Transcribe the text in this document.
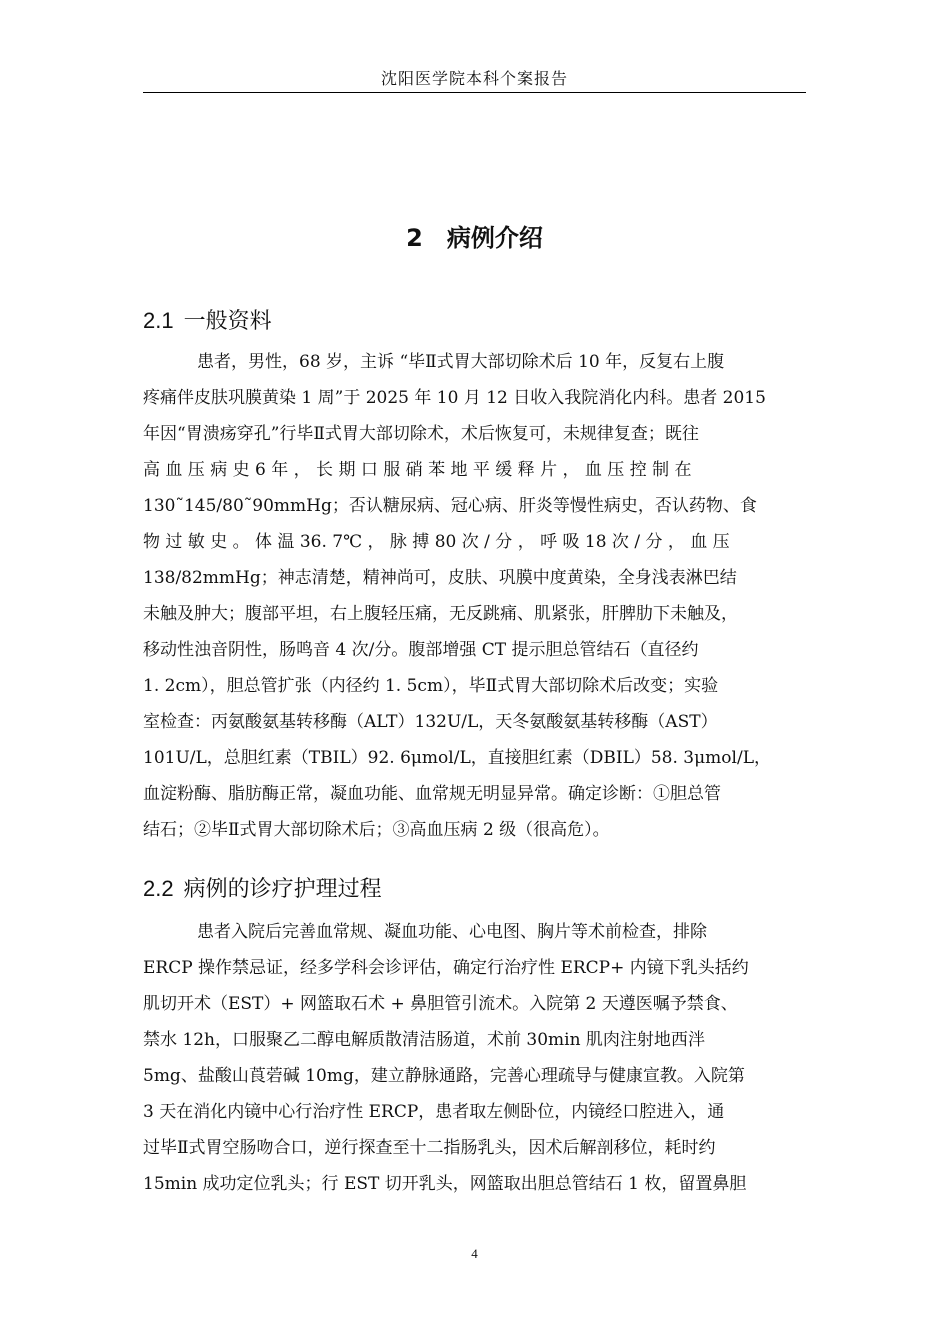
沈阳医学院本科个案报告
2　病例介绍
2.1 一般资料
患者，男性，68 岁，主诉 “毕Ⅱ式胃大部切除术后 10 年，反复右上腹
疼痛伴皮肤巩膜黄染 1 周”于 2025 年 10 月 12 日收入我院消化内科。患者 2015
年因“胃溃疡穿孔”行毕Ⅱ式胃大部切除术，术后恢复可，未规律复查；既往
高 血 压 病 史 6 年 ， 长 期 口 服 硝 苯 地 平 缓 释 片 ， 血 压 控 制 在
130˜145/80˜90mmHg；否认糖尿病、冠心病、肝炎等慢性病史，否认药物、食
物 过 敏 史 。 体 温 36. 7℃ ， 脉 搏 80 次 / 分 ， 呼 吸 18 次 / 分 ， 血 压
138/82mmHg；神志清楚，精神尚可，皮肤、巩膜中度黄染，全身浅表淋巴结
未触及肿大；腹部平坦，右上腹轻压痛，无反跳痛、肌紧张，肝脾肋下未触及，
移动性浊音阴性，肠鸣音 4 次/分。腹部增强 CT 提示胆总管结石（直径约
1. 2cm），胆总管扩张（内径约 1. 5cm），毕Ⅱ式胃大部切除术后改变；实验
室检查：丙氨酸氨基转移酶（ALT）132U/L，天冬氨酸氨基转移酶（AST）
101U/L，总胆红素（TBIL）92. 6μmol/L，直接胆红素（DBIL）58. 3μmol/L，
血淀粉酶、脂肪酶正常，凝血功能、血常规无明显异常。确定诊断：①胆总管
结石；②毕Ⅱ式胃大部切除术后；③高血压病 2 级（很高危）。
2.2 病例的诊疗护理过程
患者入院后完善血常规、凝血功能、心电图、胸片等术前检查，排除
ERCP 操作禁忌证，经多学科会诊评估，确定行治疗性 ERCP+ 内镜下乳头括约
肌切开术（EST）+ 网篮取石术 + 鼻胆管引流术。入院第 2 天遵医嘱予禁食、
禁水 12h，口服聚乙二醇电解质散清洁肠道，术前 30min 肌肉注射地西泮
5mg、盐酸山莨菪碱 10mg，建立静脉通路，完善心理疏导与健康宣教。入院第
3 天在消化内镜中心行治疗性 ERCP，患者取左侧卧位，内镜经口腔进入，通
过毕Ⅱ式胃空肠吻合口，逆行探查至十二指肠乳头，因术后解剖移位，耗时约
15min 成功定位乳头；行 EST 切开乳头，网篮取出胆总管结石 1 枚，留置鼻胆
4
